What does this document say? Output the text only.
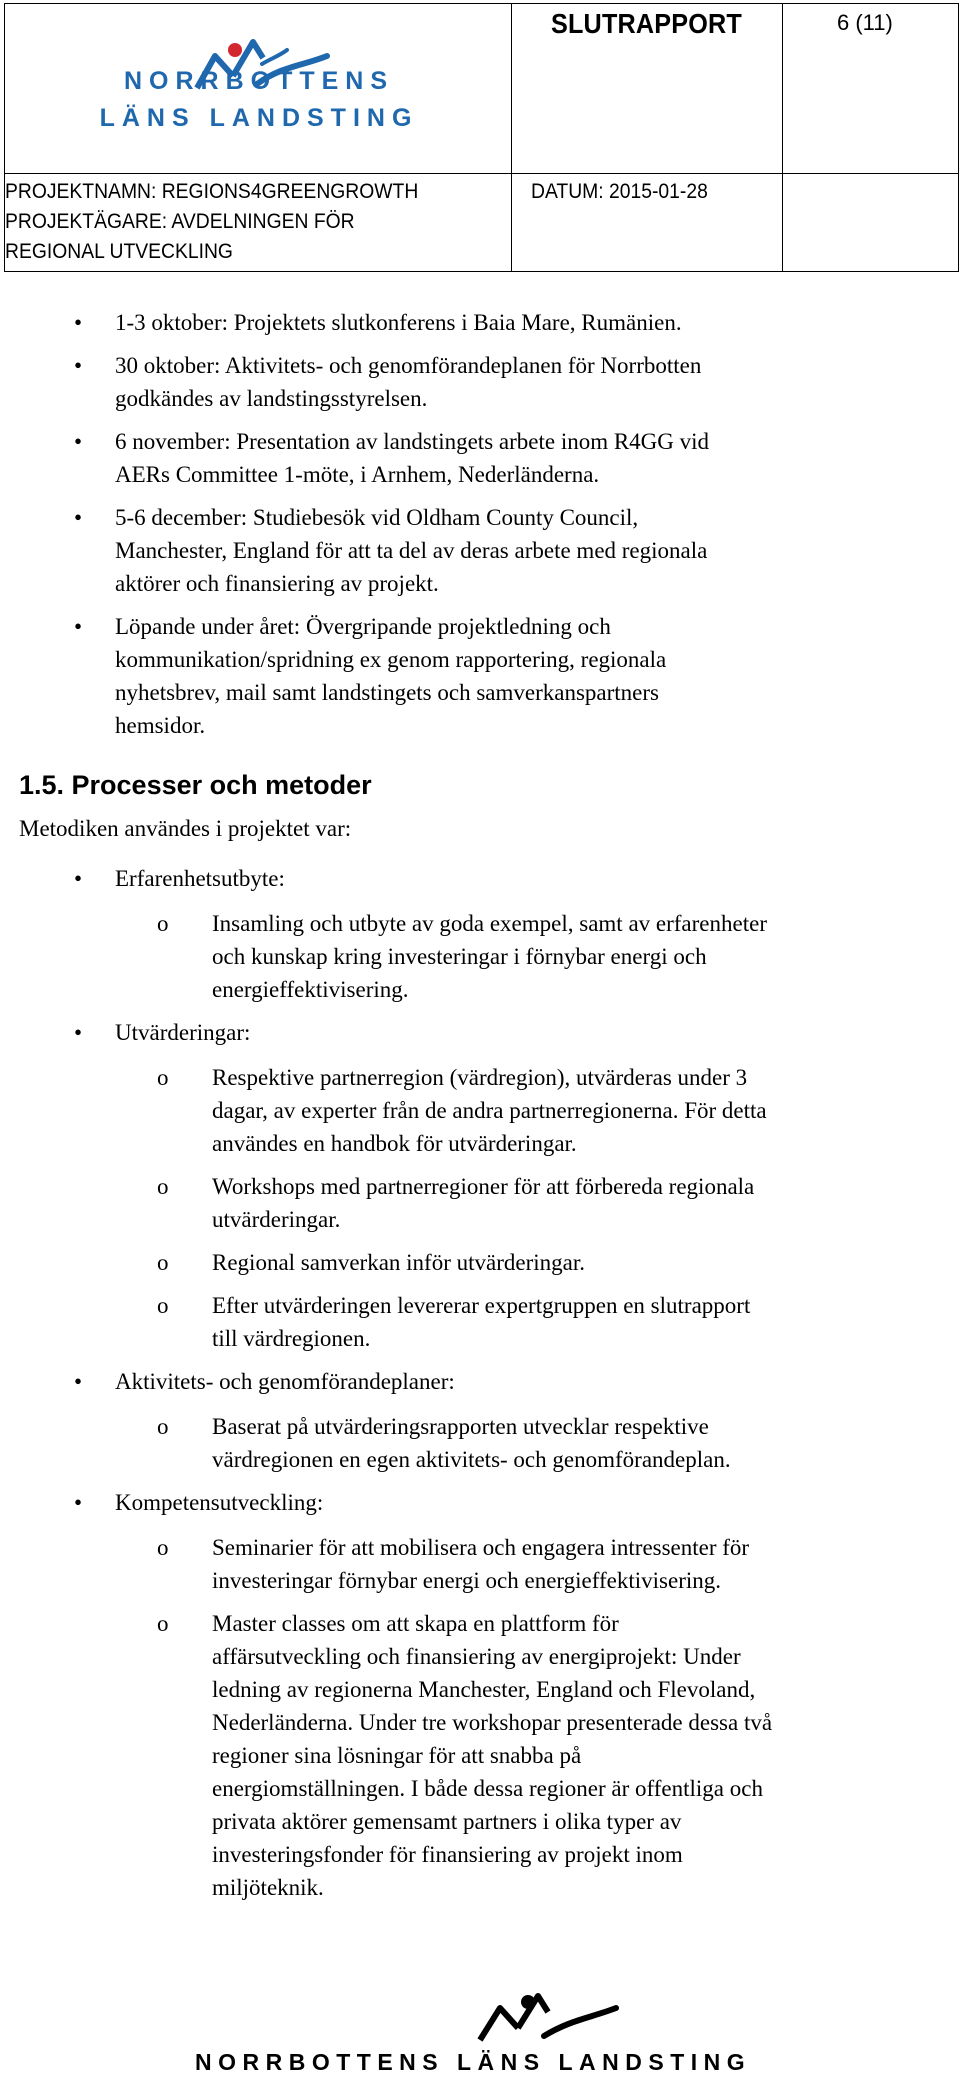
NORRBOTTENS
LÄNS LANDSTING
SLUTRAPPORT	6 (11)
PROJEKTNAMN: REGIONS4GREENGROWTH
PROJEKTÄGARE: AVDELNINGEN FÖR
REGIONAL UTVECKLING
DATUM: 2015-01-28
• 1-3 oktober: Projektets slutkonferens i Baia Mare, Rumänien.
• 30 oktober: Aktivitets- och genomförandeplanen för Norrbotten
godkändes av landstingsstyrelsen.
• 6 november: Presentation av landstingets arbete inom R4GG vid
AERs Committee 1-möte, i Arnhem, Nederländerna.
• 5-6 december: Studiebesök vid Oldham County Council,
Manchester, England för att ta del av deras arbete med regionala
aktörer och finansiering av projekt.
• Löpande under året: Övergripande projektledning och
kommunikation/spridning ex genom rapportering, regionala
nyhetsbrev, mail samt landstingets och samverkanspartners
hemsidor.
1.5. Processer och metoder
Metodiken användes i projektet var:
• Erfarenhetsutbyte:
o Insamling och utbyte av goda exempel, samt av erfarenheter
och kunskap kring investeringar i förnybar energi och
energieffektivisering.
• Utvärderingar:
o Respektive partnerregion (värdregion), utvärderas under 3
dagar, av experter från de andra partnerregionerna. För detta
användes en handbok för utvärderingar.
o Workshops med partnerregioner för att förbereda regionala
utvärderingar.
o Regional samverkan inför utvärderingar.
o Efter utvärderingen levererar expertgruppen en slutrapport
till värdregionen.
• Aktivitets- och genomförandeplaner:
o Baserat på utvärderingsrapporten utvecklar respektive
värdregionen en egen aktivitets- och genomförandeplan.
• Kompetensutveckling:
o Seminarier för att mobilisera och engagera intressenter för
investeringar förnybar energi och energieffektivisering.
o Master classes om att skapa en plattform för
affärsutveckling och finansiering av energiprojekt: Under
ledning av regionerna Manchester, England och Flevoland,
Nederländerna. Under tre workshopar presenterade dessa två
regioner sina lösningar för att snabba på
energiomställningen. I både dessa regioner är offentliga och
privata aktörer gemensamt partners i olika typer av
investeringsfonder för finansiering av projekt inom
miljöteknik.
NORRBOTTENS LÄNS LANDSTING
